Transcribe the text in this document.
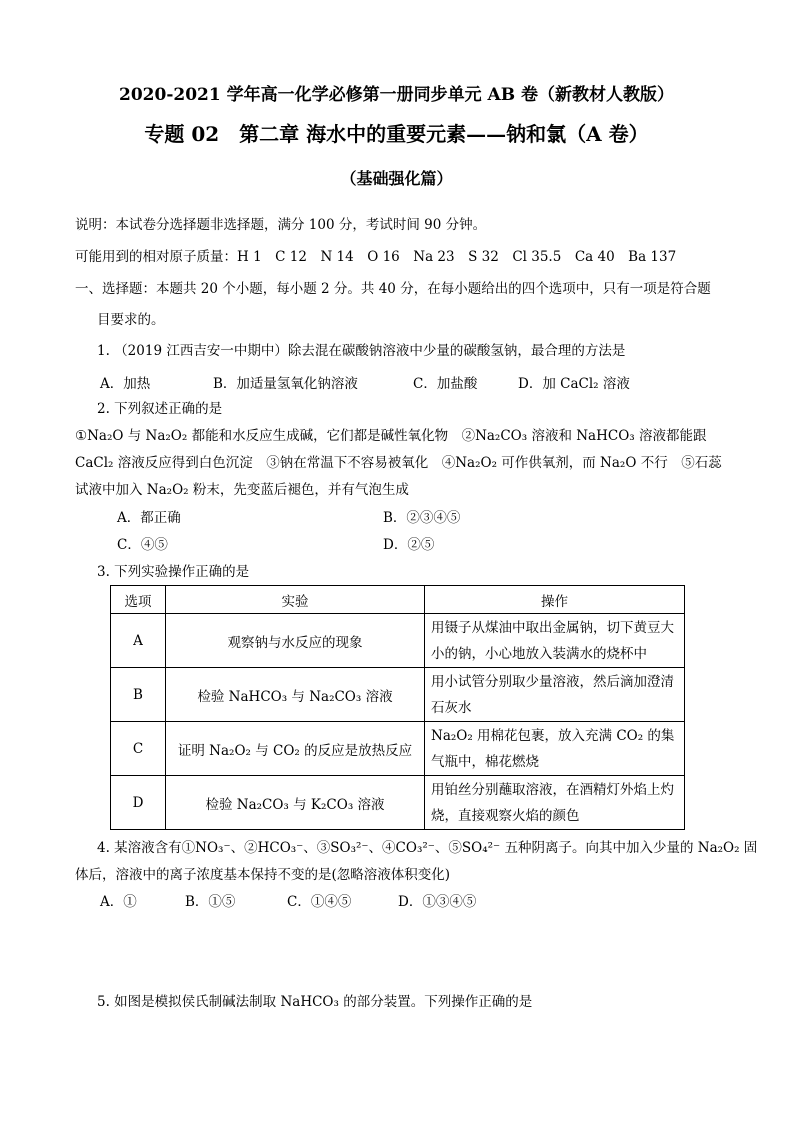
2020-2021 学年高一化学必修第一册同步单元 AB 卷（新教材人教版）
专题 02　第二章 海水中的重要元素——钠和氯（A 卷）
（基础强化篇）
说明：本试卷分选择题非选择题，满分 100 分，考试时间 90 分钟。
可能用到的相对原子质量：H 1　C 12　N 14　O 16　Na 23　S 32　Cl 35.5　Ca 40　Ba 137
一、选择题：本题共 20 个小题，每小题 2 分。共 40 分，在每小题给出的四个选项中，只有一项是符合题
目要求的。
1. （2019 江西吉安一中期中）除去混在碳酸钠溶液中少量的碳酸氢钠，最合理的方法是
A．加热	B．加适量氢氧化钠溶液	C．加盐酸	D．加 CaCl₂ 溶液
2. 下列叙述正确的是
①Na₂O 与 Na₂O₂ 都能和水反应生成碱，它们都是碱性氧化物　②Na₂CO₃ 溶液和 NaHCO₃ 溶液都能跟
CaCl₂ 溶液反应得到白色沉淀　③钠在常温下不容易被氧化　④Na₂O₂ 可作供氧剂，而 Na₂O 不行　⑤石蕊
试液中加入 Na₂O₂ 粉末，先变蓝后褪色，并有气泡生成
A．都正确	B．②③④⑤
C．④⑤	D．②⑤
3. 下列实验操作正确的是
选项	实验	操作
A	观察钠与水反应的现象	用镊子从煤油中取出金属钠，切下黄豆大小的钠，小心地放入装满水的烧杯中
B	检验 NaHCO₃ 与 Na₂CO₃ 溶液	用小试管分别取少量溶液，然后滴加澄清石灰水
C	证明 Na₂O₂ 与 CO₂ 的反应是放热反应	Na₂O₂ 用棉花包裹，放入充满 CO₂ 的集气瓶中，棉花燃烧
D	检验 Na₂CO₃ 与 K₂CO₃ 溶液	用铂丝分别蘸取溶液，在酒精灯外焰上灼烧，直接观察火焰的颜色
4. 某溶液含有①NO₃⁻、②HCO₃⁻、③SO₃²⁻、④CO₃²⁻、⑤SO₄²⁻ 五种阴离子。向其中加入少量的 Na₂O₂ 固
体后，溶液中的离子浓度基本保持不变的是(忽略溶液体积变化)
A．①	B．①⑤	C．①④⑤	D．①③④⑤
5. 如图是模拟侯氏制碱法制取 NaHCO₃ 的部分装置。下列操作正确的是
